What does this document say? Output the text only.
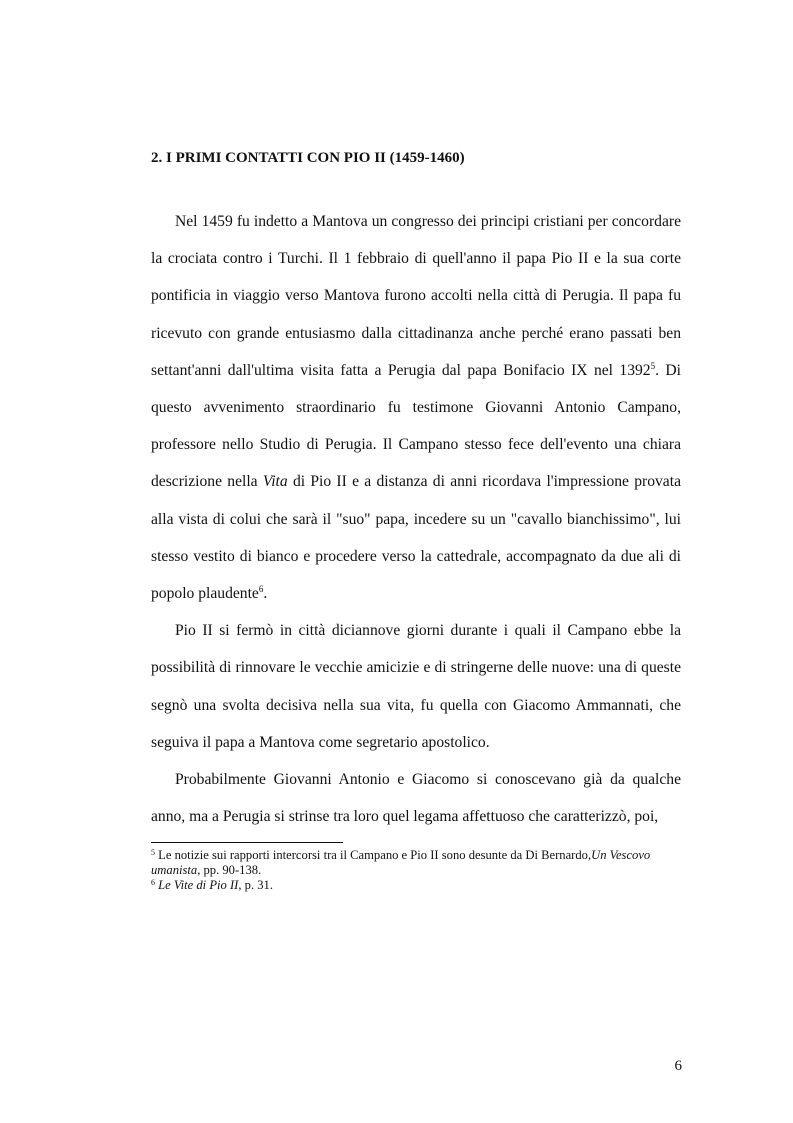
2. I PRIMI CONTATTI CON PIO II (1459-1460)

Nel 1459 fu indetto a Mantova un congresso dei principi cristiani per concordare la crociata contro i Turchi. Il 1 febbraio di quell'anno il papa Pio II e la sua corte pontificia in viaggio verso Mantova furono accolti nella città di Perugia. Il papa fu ricevuto con grande entusiasmo dalla cittadinanza anche perché erano passati ben settant'anni dall'ultima visita fatta a Perugia dal papa Bonifacio IX nel 1392$^5$. Di questo avvenimento straordinario fu testimone Giovanni Antonio Campano, professore nello Studio di Perugia. Il Campano stesso fece dell'evento una chiara descrizione nella Vita di Pio II e a distanza di anni ricordava l'impressione provata alla vista di colui che sarà il "suo" papa, incedere su un "cavallo bianchissimo", lui stesso vestito di bianco e procedere verso la cattedrale, accompagnato da due ali di popolo plaudente$^6$.

Pio II si fermò in città diciannove giorni durante i quali il Campano ebbe la possibilità di rinnovare le vecchie amicizie e di stringerne delle nuove: una di queste segnò una svolta decisiva nella sua vita, fu quella con Giacomo Ammannati, che seguiva il papa a Mantova come segretario apostolico.

Probabilmente Giovanni Antonio e Giacomo si conoscevano già da qualche anno, ma a Perugia si strinse tra loro quel legama affettuoso che caratterizzò, poi,

$^5$ Le notizie sui rapporti intercorsi tra il Campano e Pio II sono desunte da Di Bernardo,Un Vescovo umanista, pp. 90-138.

$^6$ Le Vite di Pio II, p. 31.

6
